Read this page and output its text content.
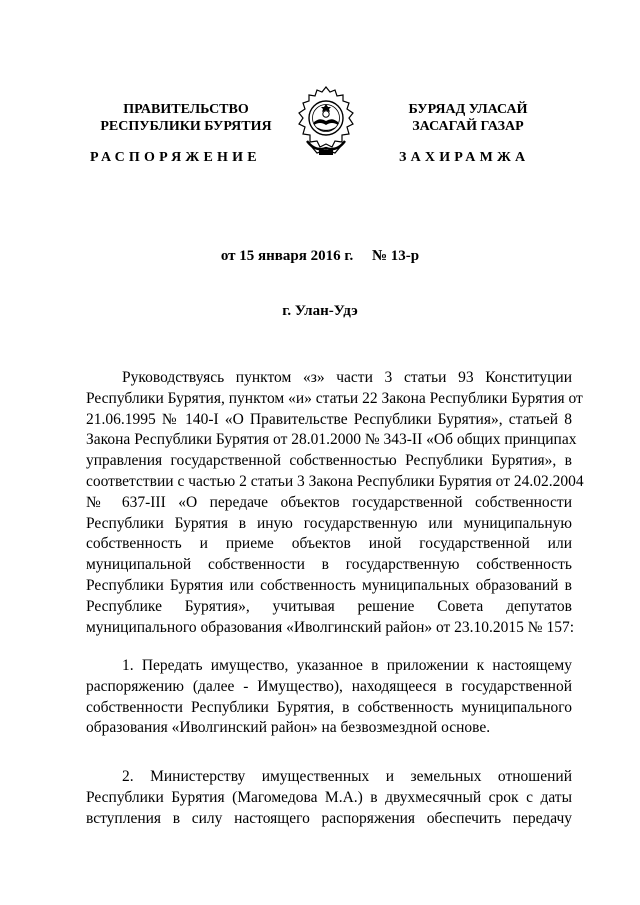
ПРАВИТЕЛЬСТВО
РЕСПУБЛИКИ БУРЯТИЯ
РАСПОРЯЖЕНИЕ
БУРЯАД УЛАСАЙ
ЗАСАГАЙ ГАЗАР
ЗАХИРАМЖА
от 15 января 2016 г.     № 13-р
г. Улан-Удэ
Руководствуясь пунктом «з» части 3 статьи 93 Конституции
Республики Бурятия, пунктом «и» статьи 22 Закона Республики Бурятия от
21.06.1995 № 140-I «О Правительстве Республики Бурятия», статьей 8
Закона Республики Бурятия от 28.01.2000 № 343-II «Об общих принципах
управления государственной собственностью Республики Бурятия», в
соответствии с частью 2 статьи 3 Закона Республики Бурятия от 24.02.2004
№ 637-III «О передаче объектов государственной собственности
Республики Бурятия в иную государственную или муниципальную
собственность и приеме объектов иной государственной или
муниципальной собственности в государственную собственность
Республики Бурятия или собственность муниципальных образований в
Республике Бурятия», учитывая решение Совета депутатов
муниципального образования «Иволгинский район» от 23.10.2015 № 157:
1. Передать имущество, указанное в приложении к настоящему
распоряжению (далее - Имущество), находящееся в государственной
собственности Республики Бурятия, в собственность муниципального
образования «Иволгинский район» на безвозмездной основе.
2. Министерству имущественных и земельных отношений
Республики Бурятия (Магомедова М.А.) в двухмесячный срок с даты
вступления в силу настоящего распоряжения обеспечить передачу
